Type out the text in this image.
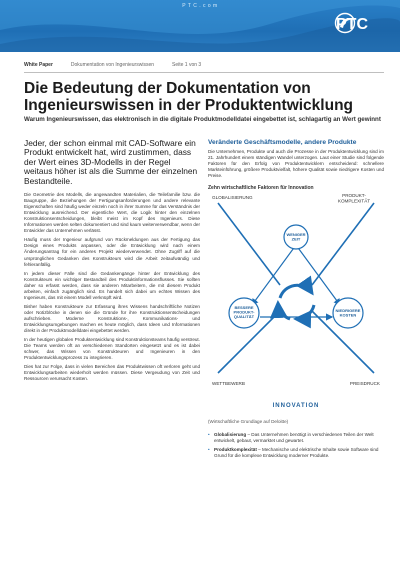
P T C . c o m
PTC
White Paper	Dokumentation von Ingenieurswissen	Seite 1 von 3
Die Bedeutung der Dokumentation von Ingenieurswissen in der Produktentwicklung
Warum Ingenieurswissen, das elektronisch in die digitale Produktmodelldatei eingebettet ist, schlagartig an Wert gewinnt
Jeder, der schon einmal mit CAD-Software ein Produkt entwickelt hat, wird zustimmen, dass der Wert eines 3D-Modells in der Regel weitaus höher ist als die Summe der einzelnen Bestandteile.

Die Geometrie des Modells, die angewandten Materialien, die Teilefamilie bzw. die Baugruppe, die Beziehungen der Fertigungsanforderungen und andere relevante Eigenschaften sind häufig weder einzeln noch in ihrer Summe für das Verständnis der Entwicklung ausreichend. Der eigentliche Wert, die Logik hinter den einzelnen Konstruktionsentscheidungen, bleibt meist im Kopf des Ingenieurs. Diese Informationen werden selten dokumentiert und sind kaum weiterverwendbar, wenn der Entwickler das Unternehmen verlässt.

Häufig muss der Ingenieur aufgrund von Rückmeldungen aus der Fertigung das Design eines Produkts anpassen, oder die Entwicklung wird nach einem Änderungsantrag für ein anderes Projekt wiederverwendet. Ohne Zugriff auf die ursprünglichen Gedanken des Konstrukteurs wird die Arbeit zeitaufwändig und fehleranfällig.

In jedem dieser Fälle sind die Gedankengänge hinter der Entwicklung des Konstrukteurs ein wichtiger Bestandteil des Produktinformationsflusses. Sie sollten daher so erfasst werden, dass sie anderen Mitarbeitern, die mit diesem Produkt arbeiten, einfach zugänglich sind. Es handelt sich dabei um echtes Wissen des Ingenieurs, das mit einem Modell verknüpft wird.

Bisher haben Konstrukteure zur Erfassung ihres Wissens handschriftliche Notizen oder Notizblöcke in denen sie die Gründe für ihre Konstruktionsentscheidungen aufschrieben. Moderne Konstruktions-, Kommunikations- und Entwicklungsumgebungen machen es heute möglich, dass Ideen und Informationen direkt in der Produktmodelldatei eingebettet werden.

In der heutigen globalen Produktentwicklung sind Konstruktionsteams häufig verstreut. Die Teams werden oft an verschiedenen Standorten eingesetzt und es ist dabei schwer, das Wissen von Konstrukteuren und Ingenieuren in den Produktentwicklungsprozess zu integrieren.

Dies hat zur Folge, dass in vielen Bereichen das Produktwissen oft verloren geht und Entwicklungsarbeiten wiederholt werden müssen. Diese Vergeudung von Zeit und Ressourcen verursacht Kosten.

Veränderte Geschäftsmodelle, andere Produkte

Die Unternehmen, Produkte und auch die Prozesse in der Produktentwicklung sind im 21. Jahrhundert einem ständigen Wandel unterzogen. Laut einer Studie sind folgende Faktoren für den Erfolg von Produktentwicklern entscheidend: schnellere Markteinführung, größere Produktvielfalt, höhere Qualität sowie niedrigere Kosten und Preise.

Zehn wirtschaftliche Faktoren für Innovation
GLOBALISIERUNG
WETTBEWERB	PREISDRUCK
PRODUKT-KOMPLEXITÄT
WENIGER ZEIT
BESSERE PRODUKT-QUALITÄT
NIEDRIGERE KOSTEN
INNOVATION
(Wirtschaftliche Grundlage auf Deloitte)
• Globalisierung – Das Unternehmen benötigt in verschiedenen Teilen der Welt entwickelt, gebaut, vermarktet und gewartet.
• Produktkomplexität – Mechanische und elektrische Inhalte sowie Software sind Grund für die komplexe Entwicklung moderner Produkte.
